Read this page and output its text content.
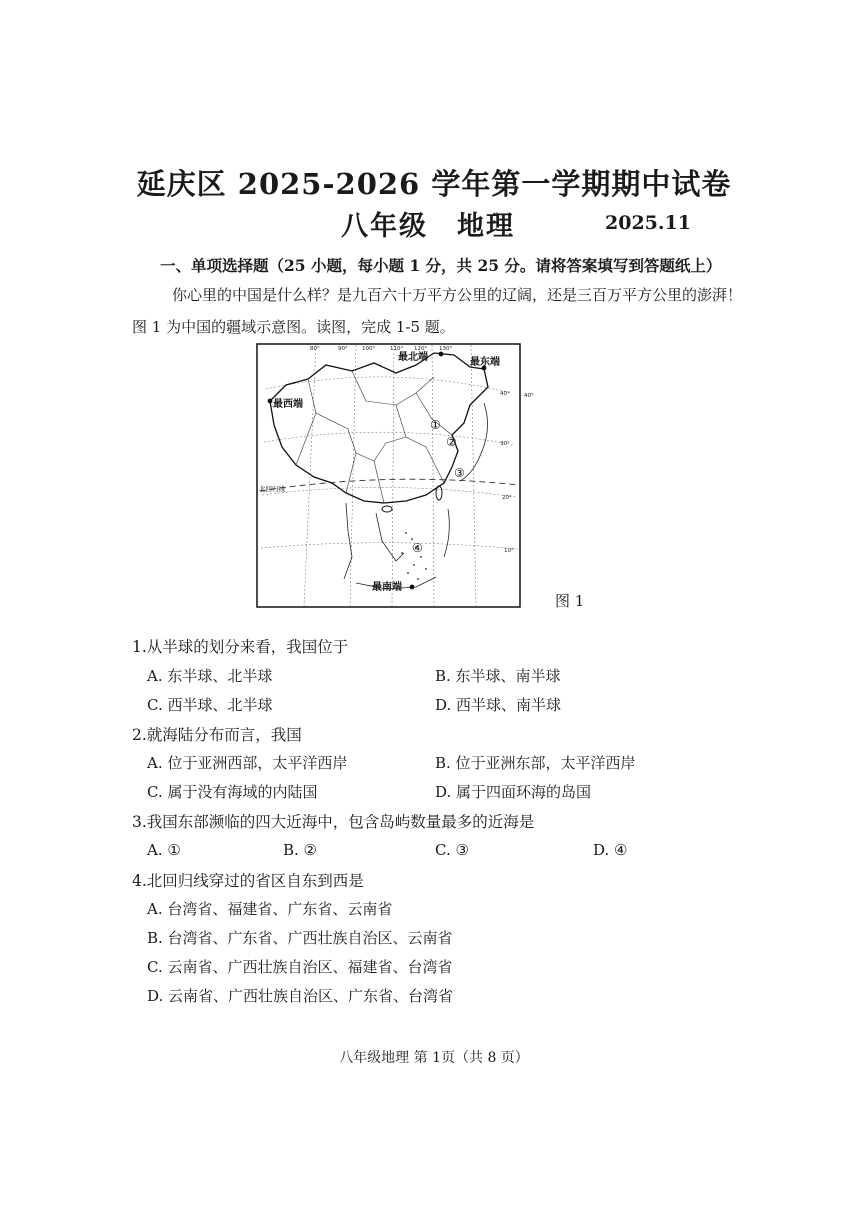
延庆区 2025-2026 学年第一学期期中试卷
八年级　地理	2025.11
一、单项选择题（25 小题，每小题 1 分，共 25 分。请将答案填写到答题纸上）
你心里的中国是什么样？是九百六十万平方公里的辽阔，还是三百万平方公里的澎湃！
图 1 为中国的疆域示意图。读图，完成 1-5 题。
80°	90°	100°	110° 120° 130°
40°
40°
30°
20°
10°
最北端	最东端
最西端
最南端
北回归线
①
②
③
④
图 1
1.从半球的划分来看，我国位于
A. 东半球、北半球	B. 东半球、南半球
C. 西半球、北半球	D. 西半球、南半球
2.就海陆分布而言，我国
A. 位于亚洲西部，太平洋西岸	B. 位于亚洲东部，太平洋西岸
C. 属于没有海域的内陆国	D. 属于四面环海的岛国
3.我国东部濒临的四大近海中，包含岛屿数量最多的近海是
A. ①	B. ②	C. ③	D. ④
4.北回归线穿过的省区自东到西是
A. 台湾省、福建省、广东省、云南省
B. 台湾省、广东省、广西壮族自治区、云南省
C. 云南省、广西壮族自治区、福建省、台湾省
D. 云南省、广西壮族自治区、广东省、台湾省
八年级地理 第 1页（共 8 页）
